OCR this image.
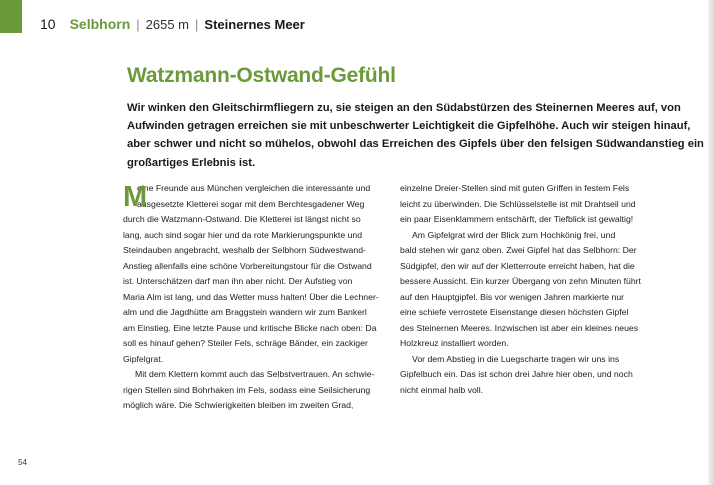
10 Selbhorn | 2655 m | Steinernes Meer
Watzmann-Ostwand-Gefühl
Wir winken den Gleitschirmfliegern zu, sie steigen an den Südabstürzen des Steinernen Meeres auf, von
Aufwinden getragen erreichen sie mit unbeschwerter Leichtigkeit die Gipfelhöhe. Auch wir steigen hinauf,
aber schwer und nicht so mühelos, obwohl das Erreichen des Gipfels über den felsigen Südwandanstieg ein
großartiges Erlebnis ist.
M
eine Freunde aus München vergleichen die interessante und
ausgesetzte Kletterei sogar mit dem Berchtesgadener Weg
durch die Watzmann-Ostwand. Die Kletterei ist längst nicht so
lang, auch sind sogar hier und da rote Markierungspunkte und
Steindauben angebracht, weshalb der Selbhorn Südwestwand-
Anstieg allenfalls eine schöne Vorbereitungstour für die Ostwand
ist. Unterschätzen darf man ihn aber nicht. Der Aufstieg von
Maria Alm ist lang, und das Wetter muss halten! Über die Lechner-
alm und die Jagdhütte am Braggstein wandern wir zum Bankerl
am Einstieg. Eine letzte Pause und kritische Blicke nach oben: Da
soll es hinauf gehen? Steiler Fels, schräge Bänder, ein zackiger
Gipfelgrat.
Mit dem Klettern kommt auch das Selbstvertrauen. An schwie-
rigen Stellen sind Bohrhaken im Fels, sodass eine Seilsicherung
möglich wäre. Die Schwierigkeiten bleiben im zweiten Grad,
einzelne Dreier-Stellen sind mit guten Griffen in festem Fels
leicht zu überwinden. Die Schlüsselstelle ist mit Drahtseil und
ein paar Eisenklammern entschärft, der Tiefblick ist gewaltig!
Am Gipfelgrat wird der Blick zum Hochkönig frei, und
bald stehen wir ganz oben. Zwei Gipfel hat das Selbhorn: Der
Südgipfel, den wir auf der Kletterroute erreicht haben, hat die
bessere Aussicht. Ein kurzer Übergang von zehn Minuten führt
auf den Hauptgipfel. Bis vor wenigen Jahren markierte nur
eine schiefe verrostete Eisenstange diesen höchsten Gipfel
des Steinernen Meeres. Inzwischen ist aber ein kleines neues
Holzkreuz installiert worden.
Vor dem Abstieg in die Luegscharte tragen wir uns ins
Gipfelbuch ein. Das ist schon drei Jahre hier oben, und noch
nicht einmal halb voll.
54
